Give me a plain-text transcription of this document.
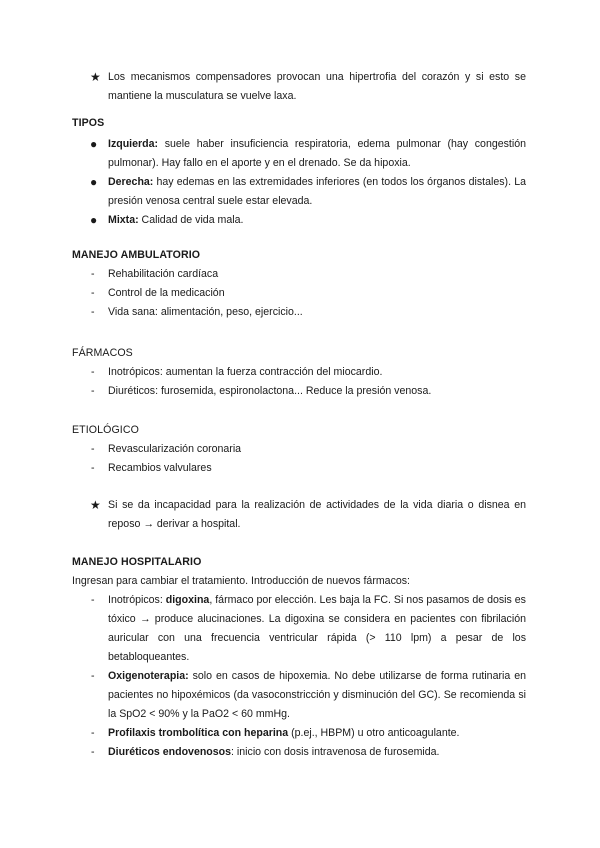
★ Los mecanismos compensadores provocan una hipertrofia del corazón y si esto se mantiene la musculatura se vuelve laxa.
TIPOS
● Izquierda: suele haber insuficiencia respiratoria, edema pulmonar (hay congestión pulmonar). Hay fallo en el aporte y en el drenado. Se da hipoxia.
● Derecha: hay edemas en las extremidades inferiores (en todos los órganos distales). La presión venosa central suele estar elevada.
● Mixta: Calidad de vida mala.
MANEJO AMBULATORIO
- Rehabilitación cardíaca
- Control de la medicación
- Vida sana: alimentación, peso, ejercicio...
FÁRMACOS
- Inotrópicos: aumentan la fuerza contracción del miocardio.
- Diuréticos: furosemida, espironolactona... Reduce la presión venosa.
ETIOLÓGICO
- Revascularización coronaria
- Recambios valvulares
★ Si se da incapacidad para la realización de actividades de la vida diaria o disnea en reposo → derivar a hospital.
MANEJO HOSPITALARIO
Ingresan para cambiar el tratamiento. Introducción de nuevos fármacos:
- Inotrópicos: digoxina, fármaco por elección. Les baja la FC. Si nos pasamos de dosis es tóxico → produce alucinaciones. La digoxina se considera en pacientes con fibrilación auricular con una frecuencia ventricular rápida (> 110 lpm) a pesar de los betabloqueantes.
- Oxigenoterapia: solo en casos de hipoxemia. No debe utilizarse de forma rutinaria en pacientes no hipoxémicos (da vasoconstricción y disminución del GC). Se recomienda si la SpO2 < 90% y la PaO2 < 60 mmHg.
- Profilaxis trombolítica con heparina (p.ej., HBPM) u otro anticoagulante.
- Diuréticos endovenosos: inicio con dosis intravenosa de furosemida.
